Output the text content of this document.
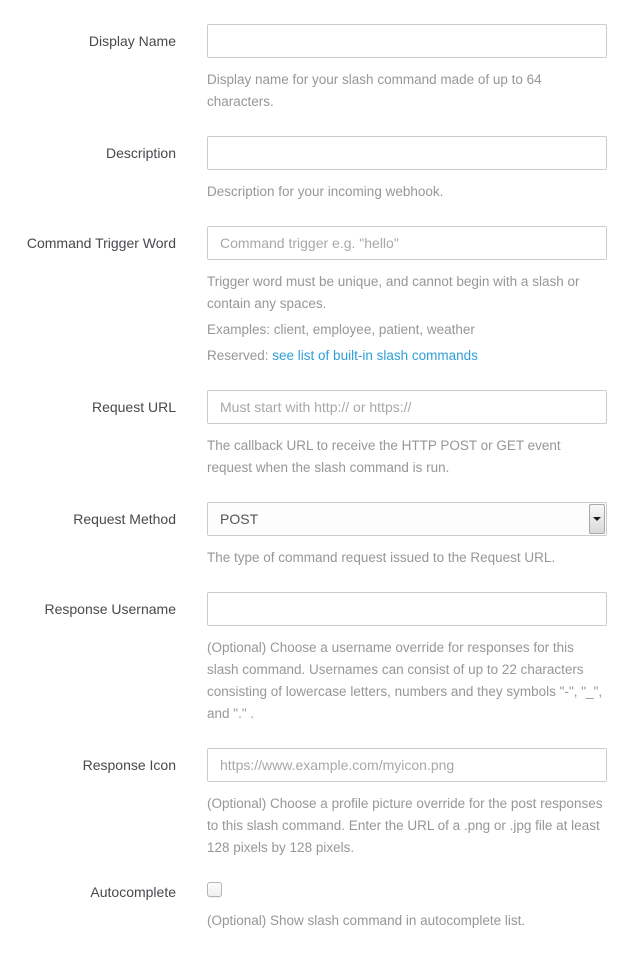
Display Name

Display name for your slash command made of up to 64 characters.

Description

Description for your incoming webhook.

Command Trigger Word
Command trigger e.g. "hello"

Trigger word must be unique, and cannot begin with a slash or contain any spaces.

Examples: client, employee, patient, weather

Reserved: see list of built-in slash commands

Request URL
Must start with http:// or https://

The callback URL to receive the HTTP POST or GET event request when the slash command is run.

Request Method
POST

The type of command request issued to the Request URL.

Response Username

(Optional) Choose a username override for responses for this slash command. Usernames can consist of up to 22 characters consisting of lowercase letters, numbers and they symbols "-", "_", and "." .

Response Icon
https://www.example.com/myicon.png

(Optional) Choose a profile picture override for the post responses to this slash command. Enter the URL of a .png or .jpg file at least 128 pixels by 128 pixels.

Autocomplete

(Optional) Show slash command in autocomplete list.
